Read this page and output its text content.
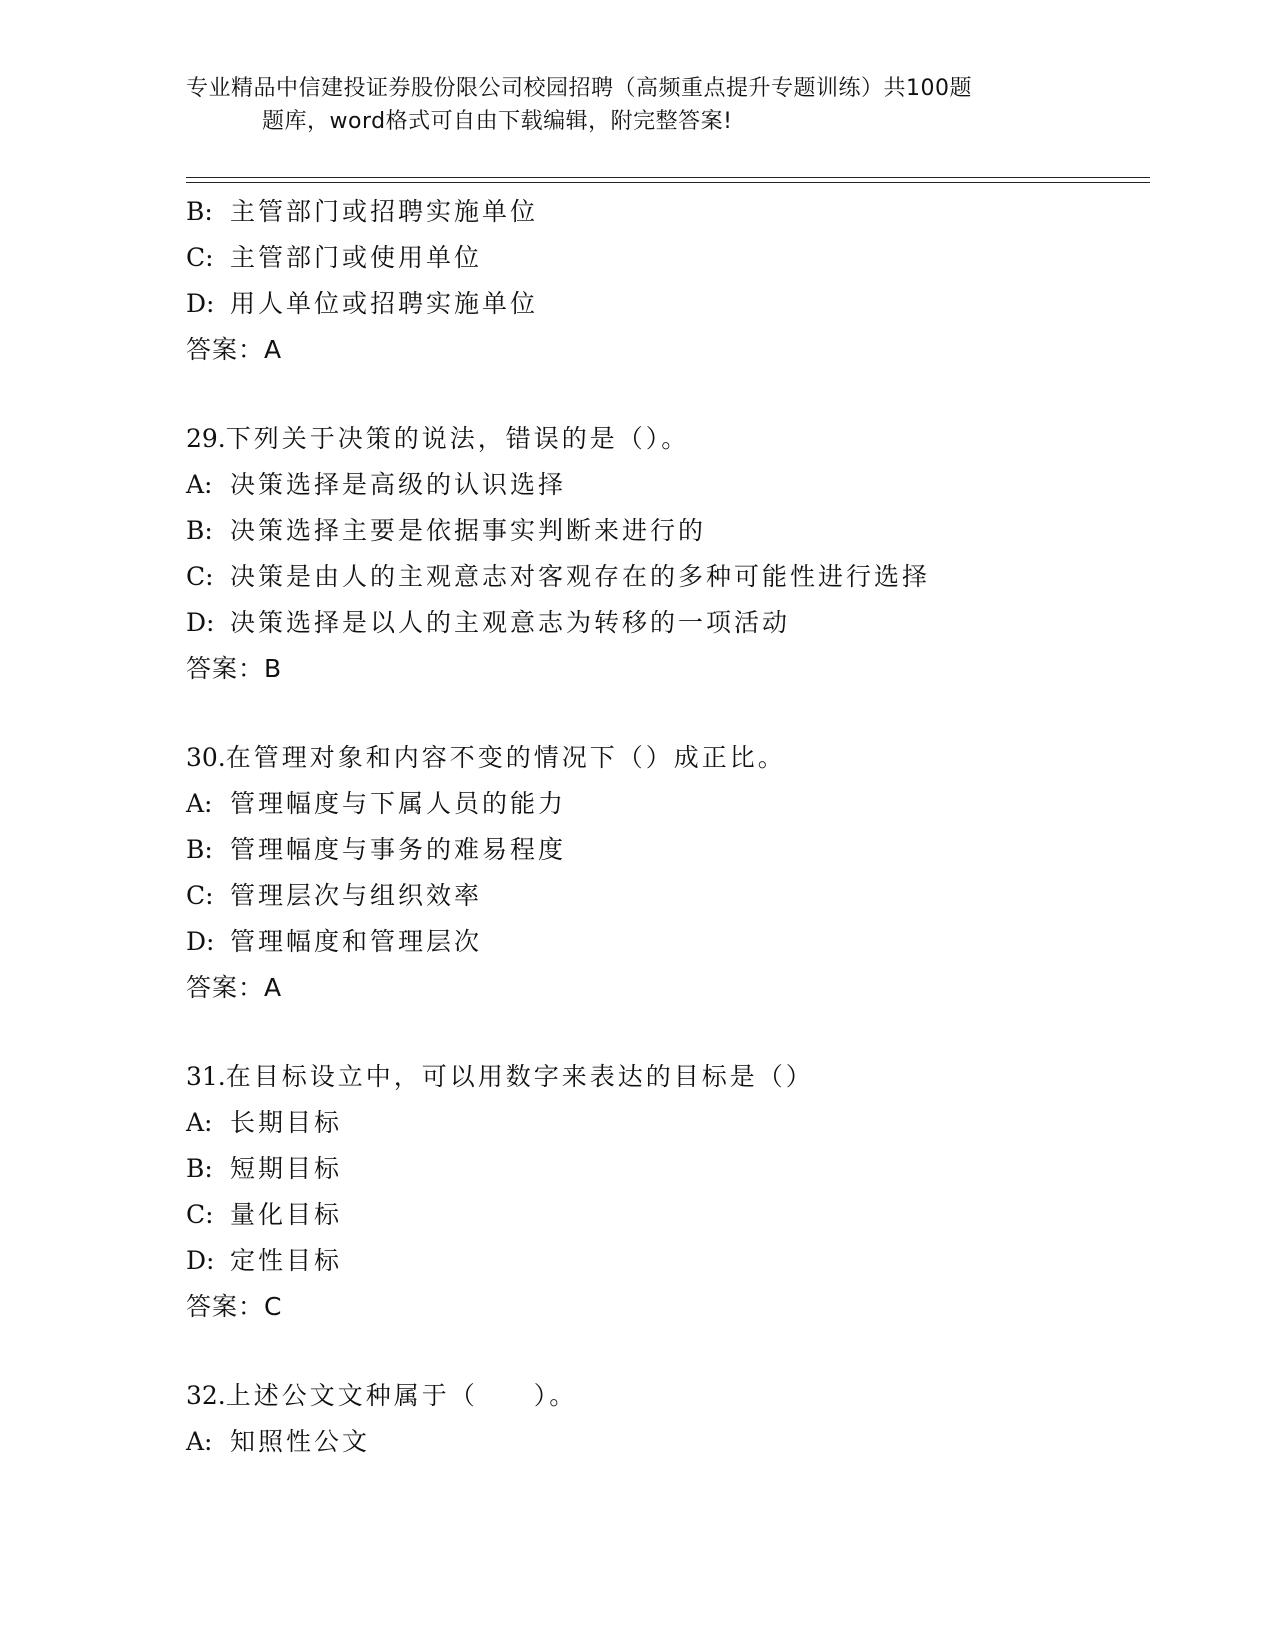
专业精品中信建投证券股份限公司校园招聘（高频重点提升专题训练）共100题
题库，word格式可自由下载编辑，附完整答案!
B: 主管部门或招聘实施单位
C: 主管部门或使用单位
D: 用人单位或招聘实施单位
答案：A
29.下列关于决策的说法，错误的是（）。
A: 决策选择是高级的认识选择
B: 决策选择主要是依据事实判断来进行的
C: 决策是由人的主观意志对客观存在的多种可能性进行选择
D: 决策选择是以人的主观意志为转移的一项活动
答案：B
30.在管理对象和内容不变的情况下（）成正比。
A: 管理幅度与下属人员的能力
B: 管理幅度与事务的难易程度
C: 管理层次与组织效率
D: 管理幅度和管理层次
答案：A
31.在目标设立中，可以用数字来表达的目标是（）
A: 长期目标
B: 短期目标
C: 量化目标
D: 定性目标
答案：C
32.上述公文文种属于（　　）。
A: 知照性公文
